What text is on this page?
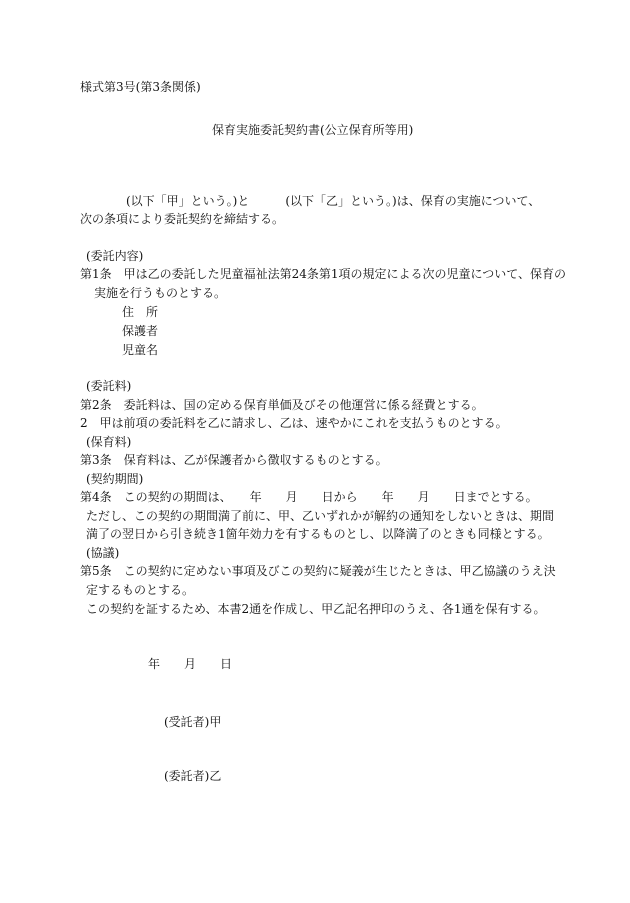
様式第3号(第3条関係)
保育実施委託契約書(公立保育所等用)
(以下「甲」という。)と　　　(以下「乙」という。)は、保育の実施について、
次の条項により委託契約を締結する。
(委託内容)
第1条　甲は乙の委託した児童福祉法第24条第1項の規定による次の児童について、保育の
実施を行うものとする。
住　所
保護者
児童名
(委託料)
第2条　委託料は、国の定める保育単価及びその他運営に係る経費とする。
2　甲は前項の委託料を乙に請求し、乙は、速やかにこれを支払うものとする。
(保育料)
第3条　保育料は、乙が保護者から徴収するものとする。
(契約期間)
第4条　この契約の期間は、　　年　　月　　日から　　年　　月　　日までとする。
ただし、この契約の期間満了前に、甲、乙いずれかが解約の通知をしないときは、期間
満了の翌日から引き続き1箇年効力を有するものとし、以降満了のときも同様とする。
(協議)
第5条　この契約に定めない事項及びこの契約に疑義が生じたときは、甲乙協議のうえ決
定するものとする。
この契約を証するため、本書2通を作成し、甲乙記名押印のうえ、各1通を保有する。
年　　月　　日
(受託者)甲
(委託者)乙
